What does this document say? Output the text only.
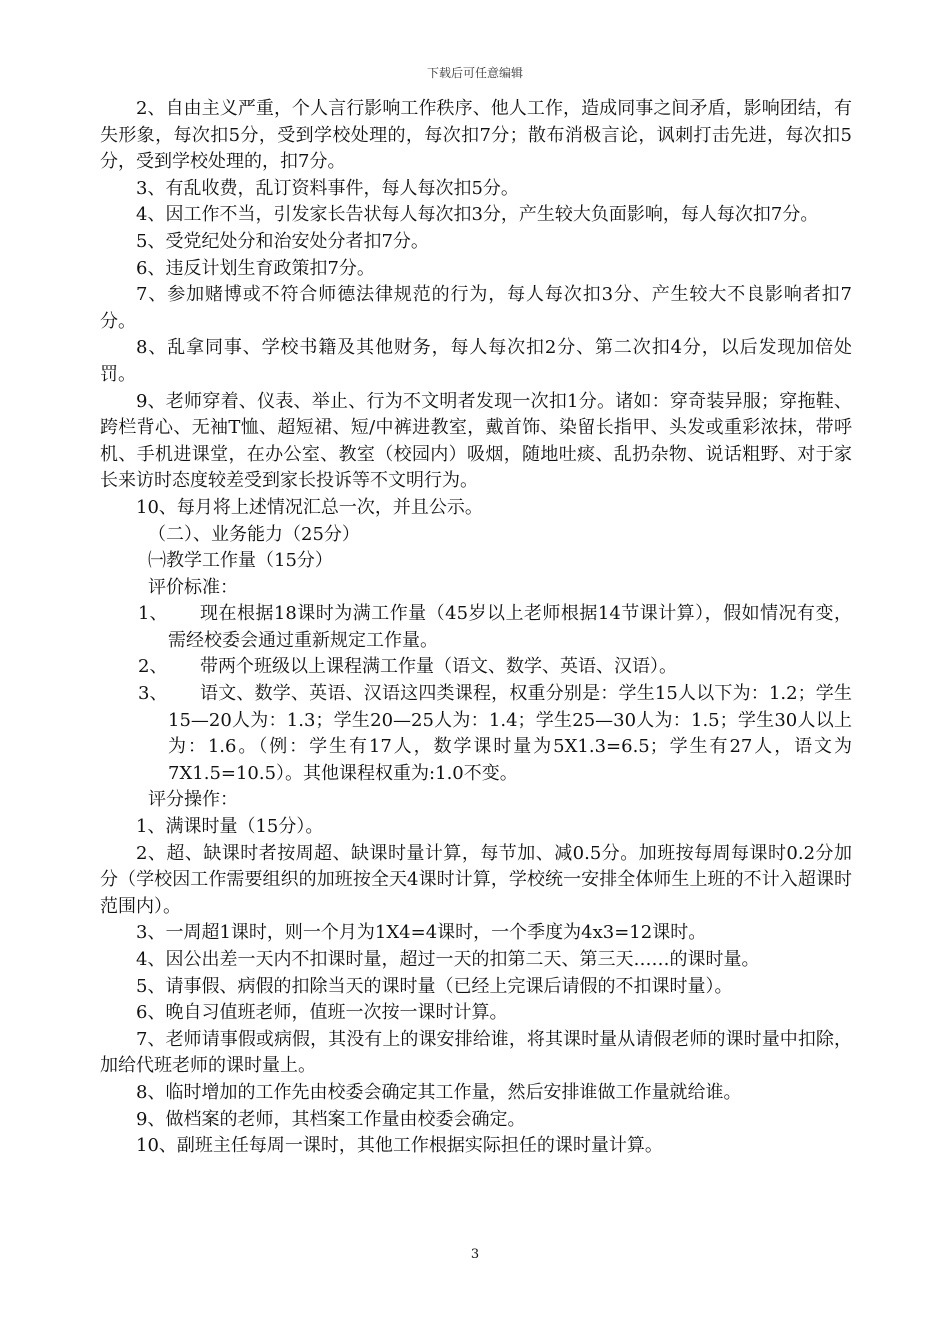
下载后可任意编辑

2、自由主义严重，个人言行影响工作秩序、他人工作，造成同事之间矛盾，影响团结，有失形象，每次扣5分，受到学校处理的，每次扣7分；散布消极言论，讽刺打击先进，每次扣5分，受到学校处理的，扣7分。

3、有乱收费，乱订资料事件，每人每次扣5分。

4、因工作不当，引发家长告状每人每次扣3分，产生较大负面影响，每人每次扣7分。

5、受党纪处分和治安处分者扣7分。

6、违反计划生育政策扣7分。

7、参加赌博或不符合师德法律规范的行为，每人每次扣3分、产生较大不良影响者扣7分。

8、乱拿同事、学校书籍及其他财务，每人每次扣2分、第二次扣4分，以后发现加倍处罚。

9、老师穿着、仪表、举止、行为不文明者发现一次扣1分。诸如：穿奇装异服；穿拖鞋、跨栏背心、无袖T恤、超短裙、短/中裤进教室，戴首饰、染留长指甲、头发或重彩浓抹，带呼机、手机进课堂，在办公室、教室（校园内）吸烟，随地吐痰、乱扔杂物、说话粗野、对于家长来访时态度较差受到家长投诉等不文明行为。

10、每月将上述情况汇总一次，并且公示。

（二）、业务能力（25分）

㈠教学工作量（15分）

评价标准：

1、	现在根据18课时为满工作量（45岁以上老师根据14节课计算），假如情况有变，需经校委会通过重新规定工作量。
2、	带两个班级以上课程满工作量（语文、数学、英语、汉语）。
3、	语文、数学、英语、汉语这四类课程，权重分别是：学生15人以下为：1.2；学生15—20人为：1.3；学生20—25人为：1.4；学生25—30人为：1.5；学生30人以上为：1.6。（例：学生有17人，数学课时量为5X1.3=6.5；学生有27人，语文为7X1.5=10.5）。其他课程权重为:1.0不变。

评分操作：

1、满课时量（15分）。

2、超、缺课时者按周超、缺课时量计算，每节加、减0.5分。加班按每周每课时0.2分加分（学校因工作需要组织的加班按全天4课时计算，学校统一安排全体师生上班的不计入超课时范围内）。

3、一周超1课时，则一个月为1X4=4课时，一个季度为4x3=12课时。

4、因公出差一天内不扣课时量，超过一天的扣第二天、第三天……的课时量。

5、请事假、病假的扣除当天的课时量（已经上完课后请假的不扣课时量）。

6、晚自习值班老师，值班一次按一课时计算。

7、老师请事假或病假，其没有上的课安排给谁，将其课时量从请假老师的课时量中扣除，加给代班老师的课时量上。

8、临时增加的工作先由校委会确定其工作量，然后安排谁做工作量就给谁。

9、做档案的老师，其档案工作量由校委会确定。

10、副班主任每周一课时，其他工作根据实际担任的课时量计算。

3
